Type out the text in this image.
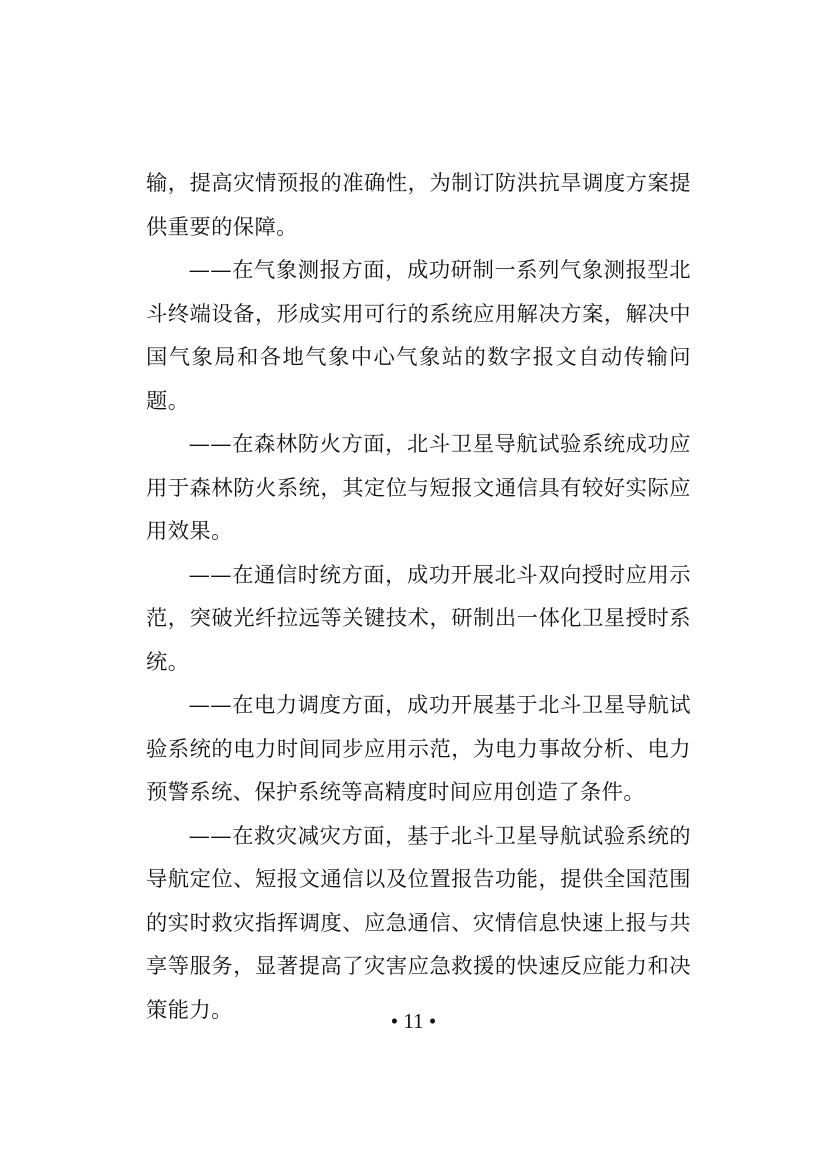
输，提高灾情预报的准确性，为制订防洪抗旱调度方案提供重要的保障。

——在气象测报方面，成功研制一系列气象测报型北斗终端设备，形成实用可行的系统应用解决方案，解决中国气象局和各地气象中心气象站的数字报文自动传输问题。

——在森林防火方面，北斗卫星导航试验系统成功应用于森林防火系统，其定位与短报文通信具有较好实际应用效果。

——在通信时统方面，成功开展北斗双向授时应用示范，突破光纤拉远等关键技术，研制出一体化卫星授时系统。

——在电力调度方面，成功开展基于北斗卫星导航试验系统的电力时间同步应用示范，为电力事故分析、电力预警系统、保护系统等高精度时间应用创造了条件。

——在救灾减灾方面，基于北斗卫星导航试验系统的导航定位、短报文通信以及位置报告功能，提供全国范围的实时救灾指挥调度、应急通信、灾情信息快速上报与共享等服务，显著提高了灾害应急救援的快速反应能力和决策能力。	• 11 •
